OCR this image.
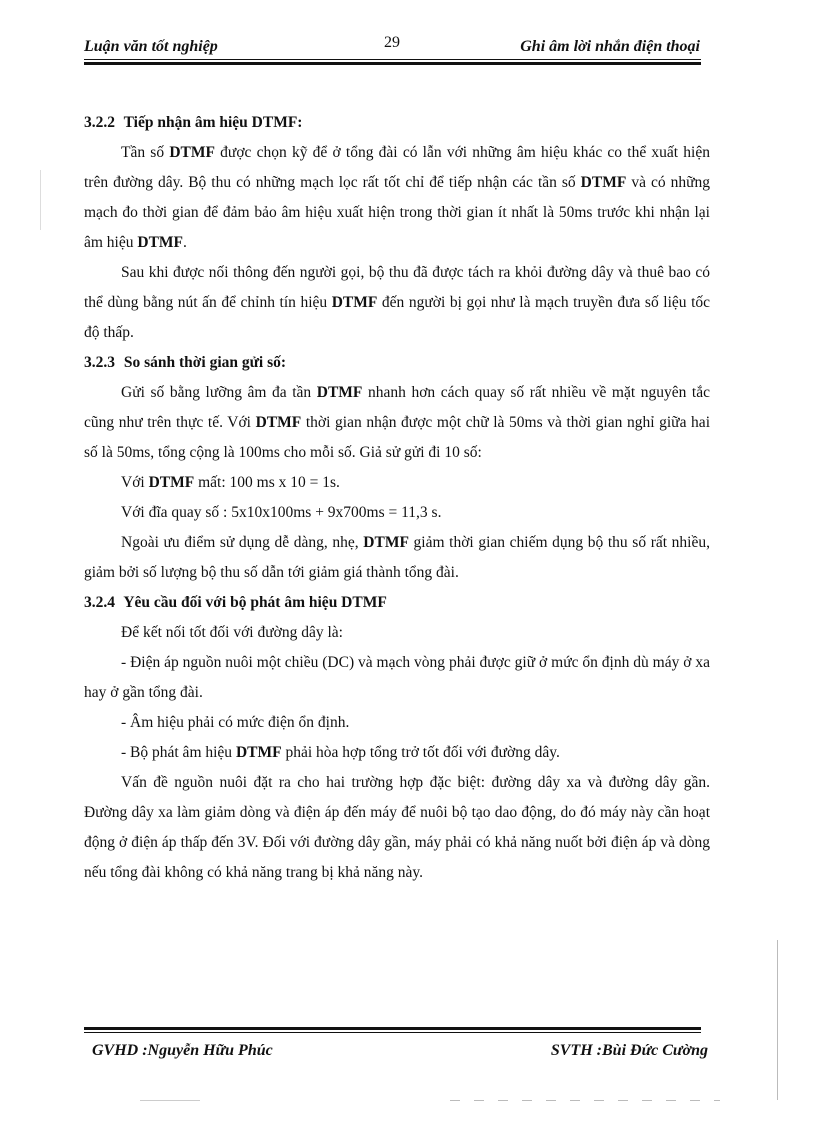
Luận văn tốt nghiệp	29	Ghi âm lời nhắn điện thoại

3.2.2 Tiếp nhận âm hiệu DTMF:

Tần số DTMF được chọn kỹ để ở tổng đài có lẫn với những âm hiệu khác co thể xuất hiện trên đường dây. Bộ thu có những mạch lọc rất tốt chỉ để tiếp nhận các tần số DTMF và có những mạch đo thời gian để đảm bảo âm hiệu xuất hiện trong thời gian ít nhất là 50ms trước khi nhận lại âm hiệu DTMF.

Sau khi được nối thông đến người gọi, bộ thu đã được tách ra khỏi đường dây và thuê bao có thể dùng bằng nút ấn để chỉnh tín hiệu DTMF đến người bị gọi như là mạch truyền đưa số liệu tốc độ thấp.

3.2.3 So sánh thời gian gửi số:

Gửi số bằng lưỡng âm đa tần DTMF nhanh hơn cách quay số rất nhiều về mặt nguyên tắc cũng như trên thực tế. Với DTMF thời gian nhận được một chữ là 50ms và thời gian nghỉ giữa hai số là 50ms, tổng cộng là 100ms cho mỗi số. Giả sử gửi đi 10 số:

Với DTMF mất: 100 ms x 10 = 1s.

Với đĩa quay số : 5x10x100ms + 9x700ms = 11,3 s.

Ngoài ưu điểm sử dụng dễ dàng, nhẹ, DTMF giảm thời gian chiếm dụng bộ thu số rất nhiều, giảm bởi số lượng bộ thu số dẫn tới giảm giá thành tổng đài.

3.2.4 Yêu cầu đối với bộ phát âm hiệu DTMF

Để kết nối tốt đối với đường dây là:

- Điện áp nguồn nuôi một chiều (DC) và mạch vòng phải được giữ ở mức ổn định dù máy ở xa hay ở gần tổng đài.

- Âm hiệu phải có mức điện ổn định.

- Bộ phát âm hiệu DTMF phải hòa hợp tổng trở tốt đối với đường dây.

Vấn đề nguồn nuôi đặt ra cho hai trường hợp đặc biệt: đường dây xa và đường dây gần. Đường dây xa làm giảm dòng và điện áp đến máy để nuôi bộ tạo dao động, do đó máy này cần hoạt động ở điện áp thấp đến 3V. Đối với đường dây gần, máy phải có khả năng nuốt bởi điện áp và dòng nếu tổng đài không có khả năng trang bị khả năng này.

GVHD :Nguyễn Hữu Phúc	SVTH :Bùi Đức Cường
